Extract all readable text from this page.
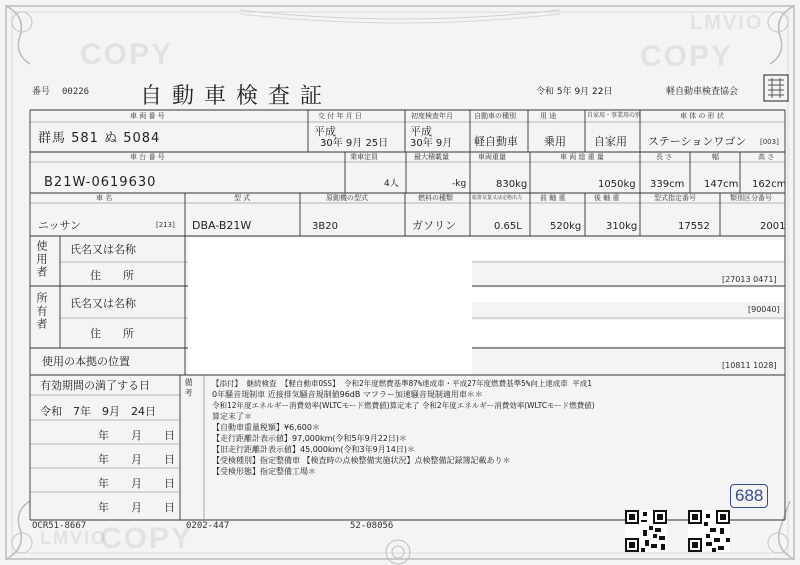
COPY	COPY
LMVIO
COPY
LMVIO
番号 00226 自動車検査証	令和 5年 9月 22日	軽自動車検査協会
車 両 番 号
群馬 581 ぬ 5084
交 付 年 月 日
平成
30年 9月 25日
初度検査年月
平成
30年 9月
自動車の種別
軽自動車
用 途
乗用
自家用・事業用の別
自家用
車 体 の 形 状
ステーションワゴン [003]
車 台 番 号
B21W-0619630
乗車定員
4人
最大積載量
-kg
車両重量
830kg
車 両 総 重 量
1050kg
長 さ
339cm
幅
147cm
高 さ
162cm
車 名
ニッサン	[213]
型 式
DBA-B21W
原動機の型式
3B20
総排気量又は定格出力
0.65L
燃料の種類
ガソリン
前 軸 重
520kg
後 軸 重
310kg
型式指定番号
17552
類別区分番号
2001
使用者 氏名又は名称
住　　所	[27013 0471]
所有者 氏名又は名称
住　　所
[90040]
使用の本拠の位置	[10811 1028]
有効期間の満了する日
令和　7年　9月　24日
年　　月　　日
年　　月　　日
年　　月　　日
年　　月　　日
備 考	【添付】 継続検査 【軽自動車OSS】 令和2年度燃費基準87%達成車・平成27年度燃費基準5%向上達成車 平成1
0年騒音規制車 近接排気騒音規制値96dB マフラー加速騒音規制適用車＊＊
令和12年度エネルギー消費効率(WLTCモード燃費値)算定末了 令和2年度エネルギー消費効率(WLTCモード燃費値)
算定末了＊
【自動車重量税額】¥6,600＊
【走行距離計表示値】97,000km(令和5年9月22日)＊
【旧走行距離計表示値】45,000km(令和3年9月14日)＊
【受検種別】指定整備車 【検査時の点検整備実施状況】点検整備記録簿記載あり＊
【受検形態】指定整備工場＊
688
OCR51-8667	0202-447	52-08056
